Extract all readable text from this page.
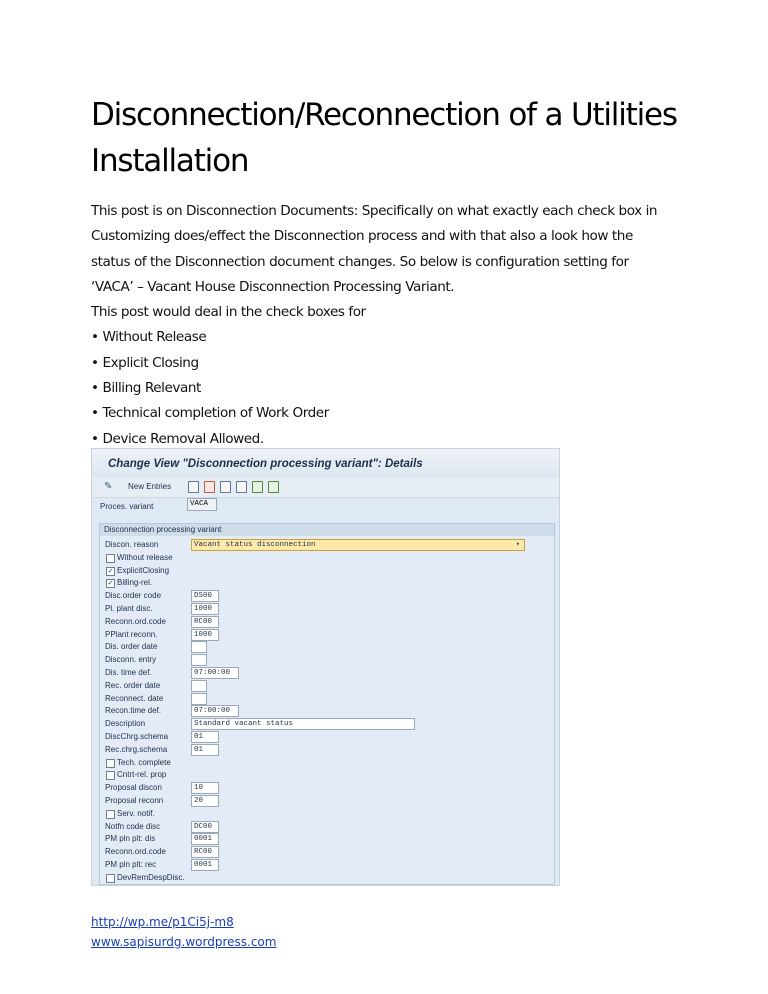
Disconnection/Reconnection of a Utilities
Installation
This post is on Disconnection Documents: Specifically on what exactly each check box in
Customizing does/effect the Disconnection process and with that also a look how the
status of the Disconnection document changes. So below is configuration setting for
‘VACA’ – Vacant House Disconnection Processing Variant.
This post would deal in the check boxes for
• Without Release
• Explicit Closing
• Billing Relevant
• Technical completion of Work Order
• Device Removal Allowed.
Change View "Disconnection processing variant": Details
✎ New Entries
Proces. variant	VACA
Disconnection processing variant
Discon. reason	Vacant status disconnection	▾
Without release
✓ ExplicitClosing
✓ Billing-rel.
Disc.order code	DS00
Pl. plant disc.	1000
Reconn.ord.code	RC00
PPlant reconn.	1000
Dis. order date
Disconn. entry
Dis. time def.	07:00:00
Rec. order date
Reconnect. date
Recon.time def.	07:00:00
Description	Standard vacant status
DiscChrg.schema	01
Rec.chrg.schema	01
Tech. complete
Cntrt-rel. prop
Proposal discon	10
Proposal reconn	20
Serv. notif.
Notfn code disc	DC00
PM pln plt: dis	0001
Reconn.ord.code	RC00
PM pln plt: rec	0001
DevRemDespDisc.
http://wp.me/p1Ci5j-m8
www.sapisurdg.wordpress.com
